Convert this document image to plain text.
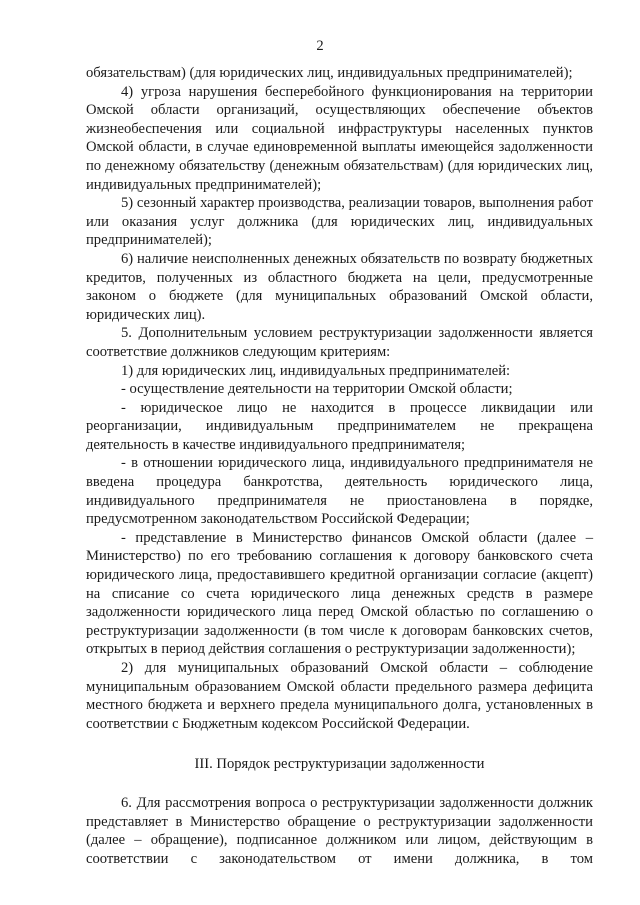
2

обязательствам) (для юридических лиц, индивидуальных предпринимателей);

4) угроза нарушения бесперебойного функционирования на территории Омской области организаций, осуществляющих обеспечение объектов жизнеобеспечения или социальной инфраструктуры населенных пунктов Омской области, в случае единовременной выплаты имеющейся задолженности по денежному обязательству (денежным обязательствам) (для юридических лиц, индивидуальных предпринимателей);

5) сезонный характер производства, реализации товаров, выполнения работ или оказания услуг должника (для юридических лиц, индивидуальных предпринимателей);

6) наличие неисполненных денежных обязательств по возврату бюджетных кредитов, полученных из областного бюджета на цели, предусмотренные законом о бюджете (для муниципальных образований Омской области, юридических лиц).

5. Дополнительным условием реструктуризации задолженности является соответствие должников следующим критериям:

1) для юридических лиц, индивидуальных предпринимателей:

- осуществление деятельности на территории Омской области;

- юридическое лицо не находится в процессе ликвидации или реорганизации, индивидуальным предпринимателем не прекращена деятельность в качестве индивидуального предпринимателя;

- в отношении юридического лица, индивидуального предпринимателя не введена процедура банкротства, деятельность юридического лица, индивидуального предпринимателя не приостановлена в порядке, предусмотренном законодательством Российской Федерации;

- представление в Министерство финансов Омской области (далее – Министерство) по его требованию соглашения к договору банковского счета юридического лица, предоставившего кредитной организации согласие (акцепт) на списание со счета юридического лица денежных средств в размере задолженности юридического лица перед Омской областью по соглашению о реструктуризации задолженности (в том числе к договорам банковских счетов, открытых в период действия соглашения о реструктуризации задолженности);

2) для муниципальных образований Омской области – соблюдение муниципальным образованием Омской области предельного размера дефицита местного бюджета и верхнего предела муниципального долга, установленных в соответствии с Бюджетным кодексом Российской Федерации.

III. Порядок реструктуризации задолженности

6. Для рассмотрения вопроса о реструктуризации задолженности должник представляет в Министерство обращение о реструктуризации задолженности (далее – обращение), подписанное должником или лицом, действующим в соответствии с законодательством от имени должника, в том
